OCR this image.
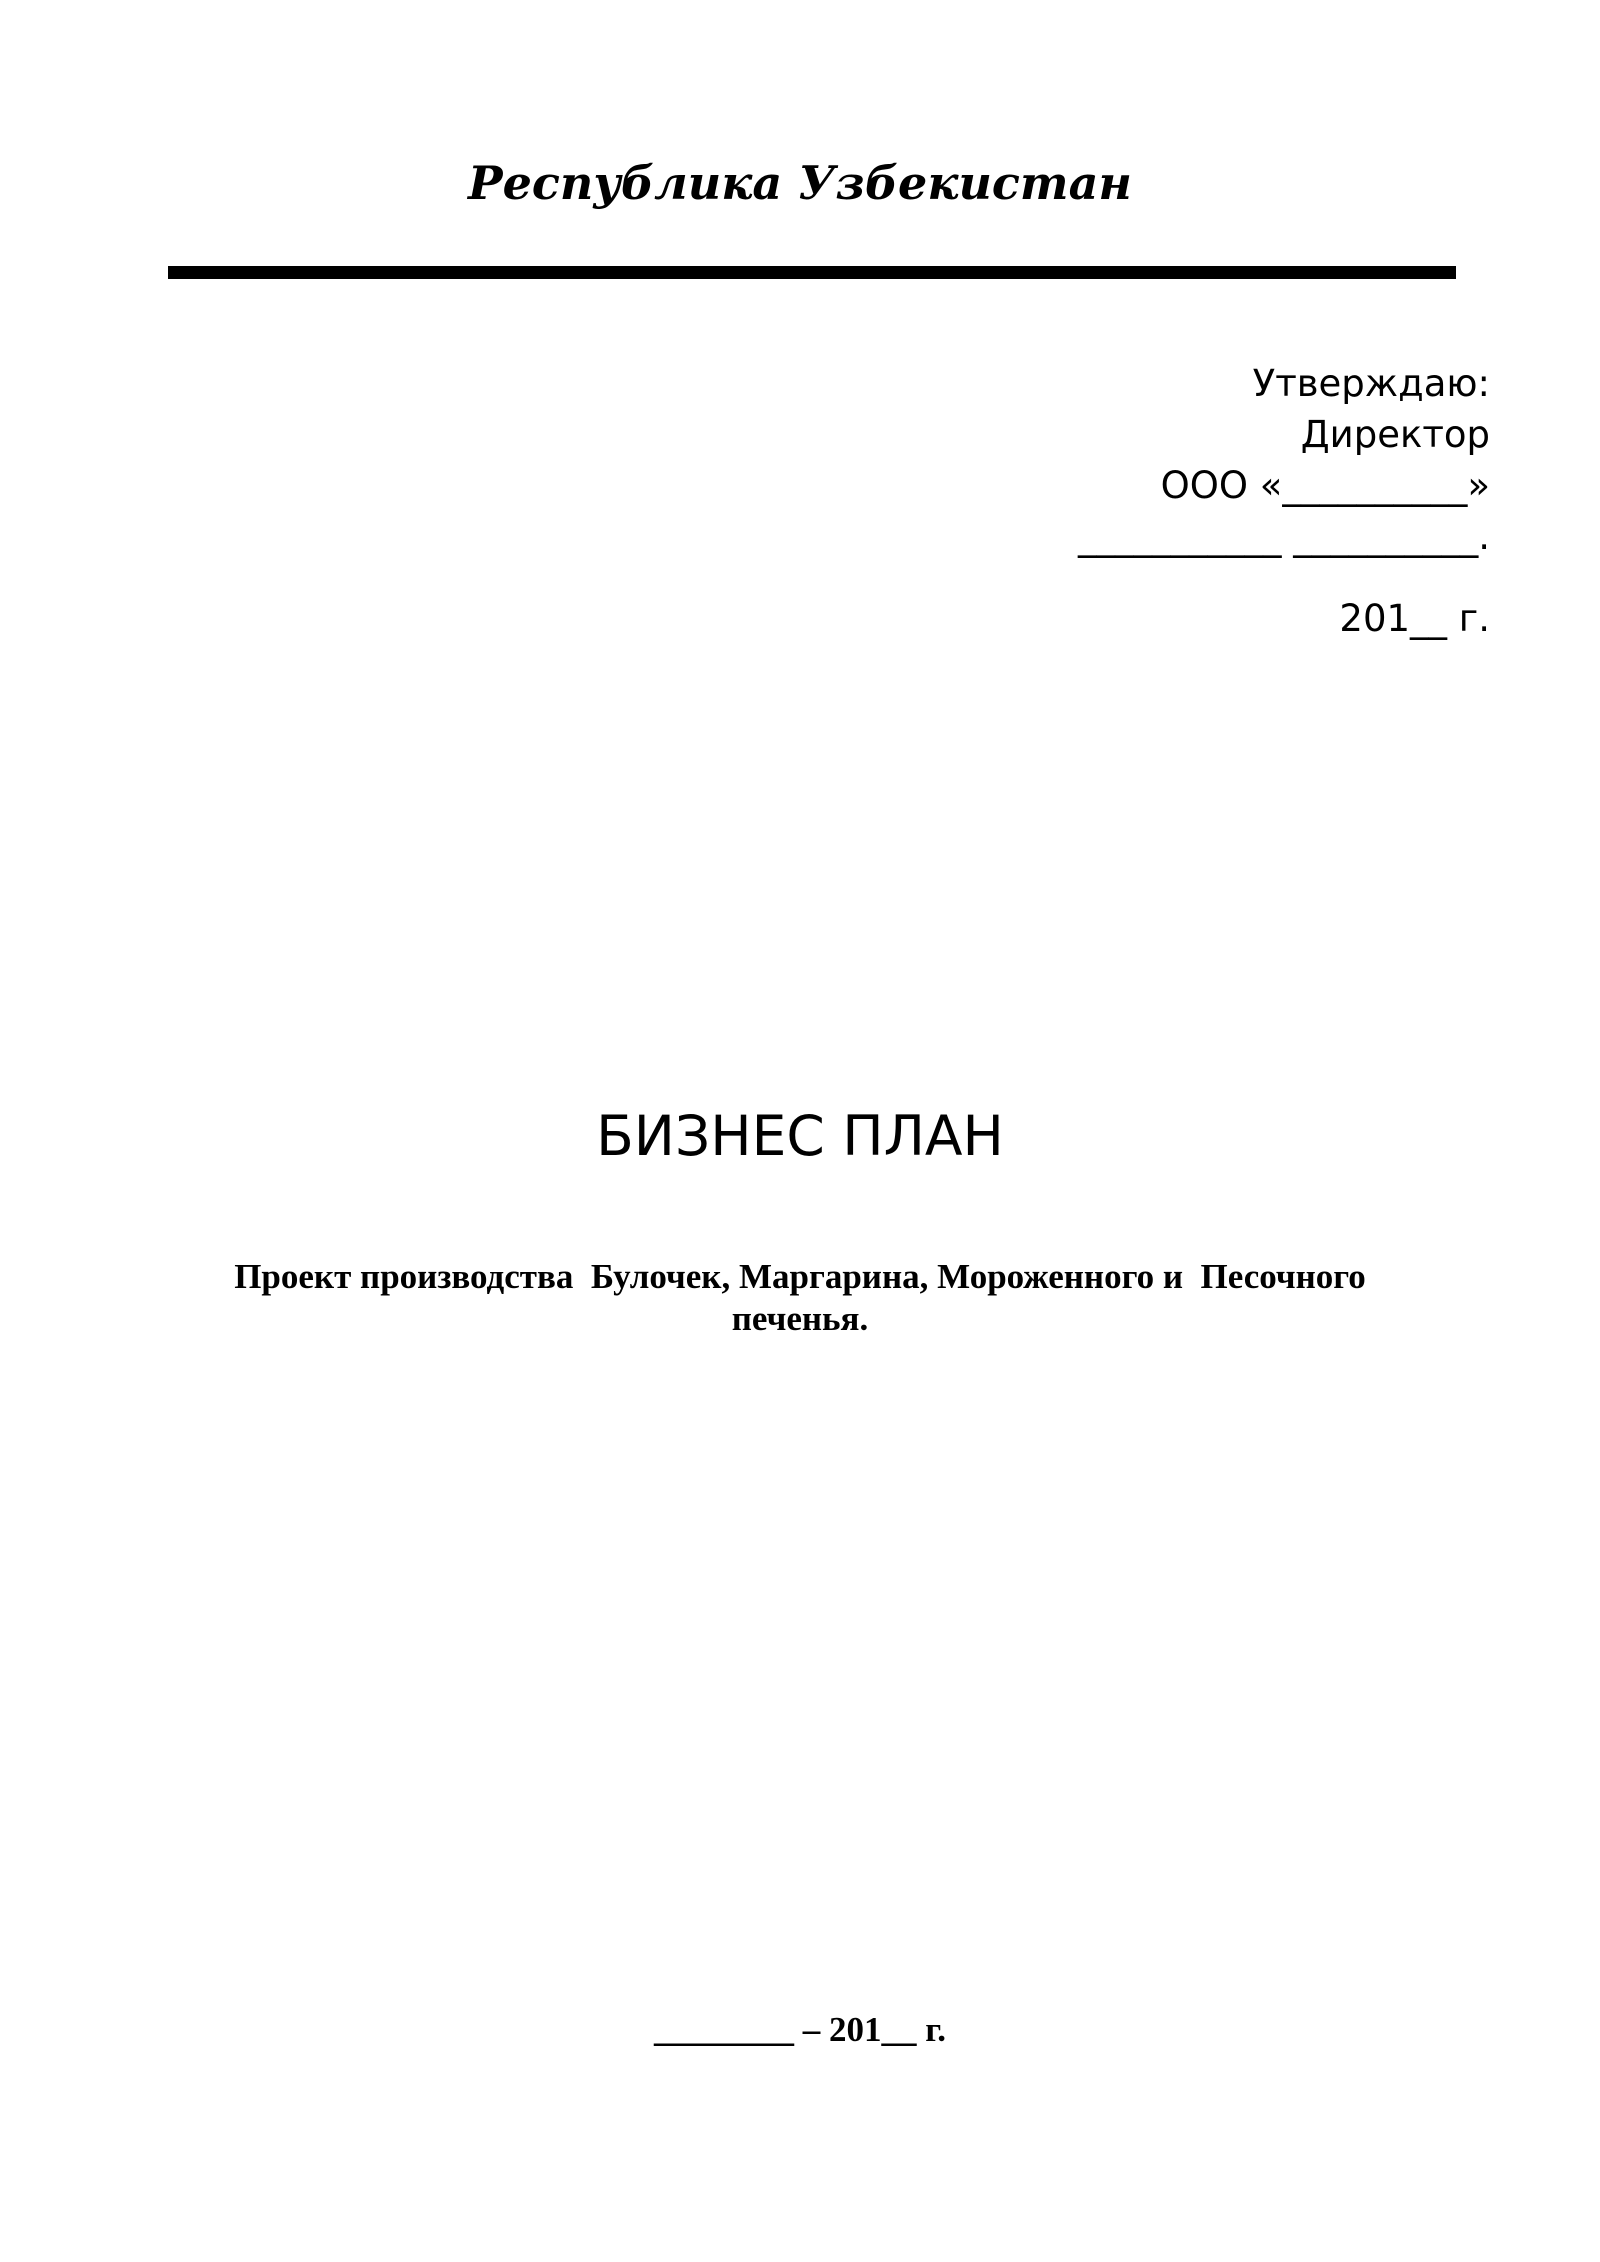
Республика Узбекистан
Утверждаю:
Директор
ООО «__________»
___________ __________.
201__ г.
БИЗНЕС ПЛАН

Проект производства  Булочек, Маргарина, Мороженного и  Песочного печенья.

________ – 201__ г.
